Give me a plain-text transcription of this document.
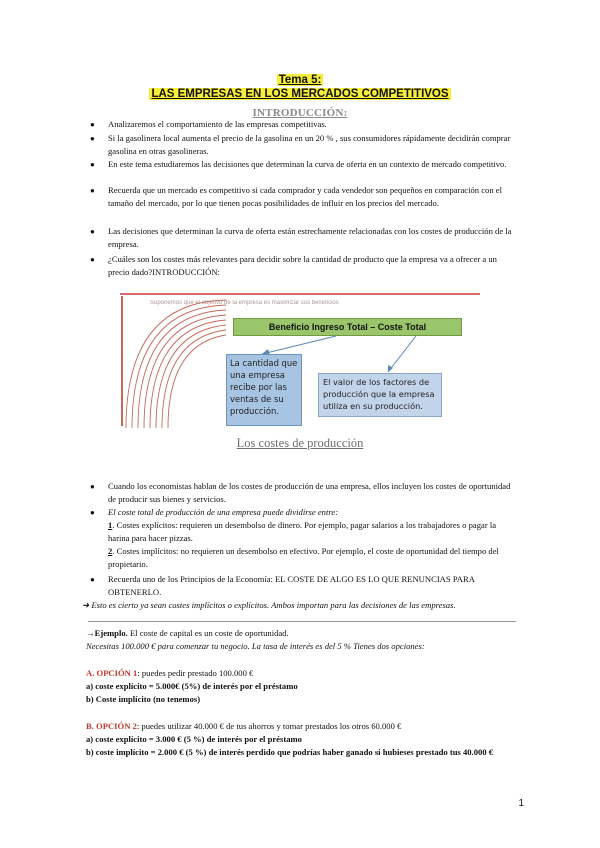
Tema 5:
LAS EMPRESAS EN LOS MERCADOS COMPETITIVOS
INTRODUCCIÓN:
● Analizaremos el comportamiento de las empresas competitivas.
● Si la gasolinera local aumenta el precio de la gasolina en un 20 % , sus consumidores rápidamente decidirán comprar gasolina en otras gasolineras.
● En este tema estudiaremos las decisiones que determinan la curva de oferta en un contexto de mercado competitivo.
● Recuerda que un mercado es competitivo si cada comprador y cada vendedor son pequeños en comparación con el tamaño del mercado, por lo que tienen pocas posibilidades de influir en los precios del mercado.
● Las decisiones que determinan la curva de oferta están estrechamente relacionadas con los costes de producción de la empresa.
● ¿Cuáles son los costes más relevantes para decidir sobre la cantidad de producto que la empresa va a ofrecer a un precio dado?INTRODUCCIÓN:
Suponemos que el objetivo de la empresa es maximizar sus beneficios
Beneficio Ingreso Total – Coste Total
La cantidad que una empresa recibe por las ventas de su producción.
El valor de los factores de producción que la empresa utiliza en su producción.
Los costes de producción
● Cuando los economistas hablan de los costes de producción de una empresa, ellos incluyen los costes de oportunidad de producir sus bienes y servicios.
● El coste total de producción de una empresa puede dividirse entre:
1. Costes explícitos: requieren un desembolso de dinero. Por ejemplo, pagar salarios a los trabajadores o pagar la harina para hacer pizzas.
2. Costes implícitos: no requieren un desembolso en efectivo. Por ejemplo, el coste de oportunidad del tiempo del propietario.
● Recuerda uno de los Principios de la Economía: EL COSTE DE ALGO ES LO QUE RENUNCIAS PARA OBTENERLO.
➜ Esto es cierto ya sean costes implícitos o explícitos. Ambos importan para las decisiones de las empresas.
→Ejemplo. El coste de capital es un coste de oportunidad.
Necesitas 100.000 € para comenzar tu negocio. La tasa de interés es del 5 % Tienes dos opciones:
A. OPCIÓN 1: puedes pedir prestado 100.000 €
a) coste explícito = 5.000€ (5%) de interés por el préstamo
b) Coste implícito (no tenemos)
B. OPCIÓN 2: puedes utilizar 40.000 € de tus ahorros y tomar prestados los otros 60.000 €
a) coste explícito = 3.000 € (5 %) de interés por el préstamo
b) coste implícito = 2.000 € (5 %) de interés perdido que podrías haber ganado si hubieses prestado tus 40.000 €
1
